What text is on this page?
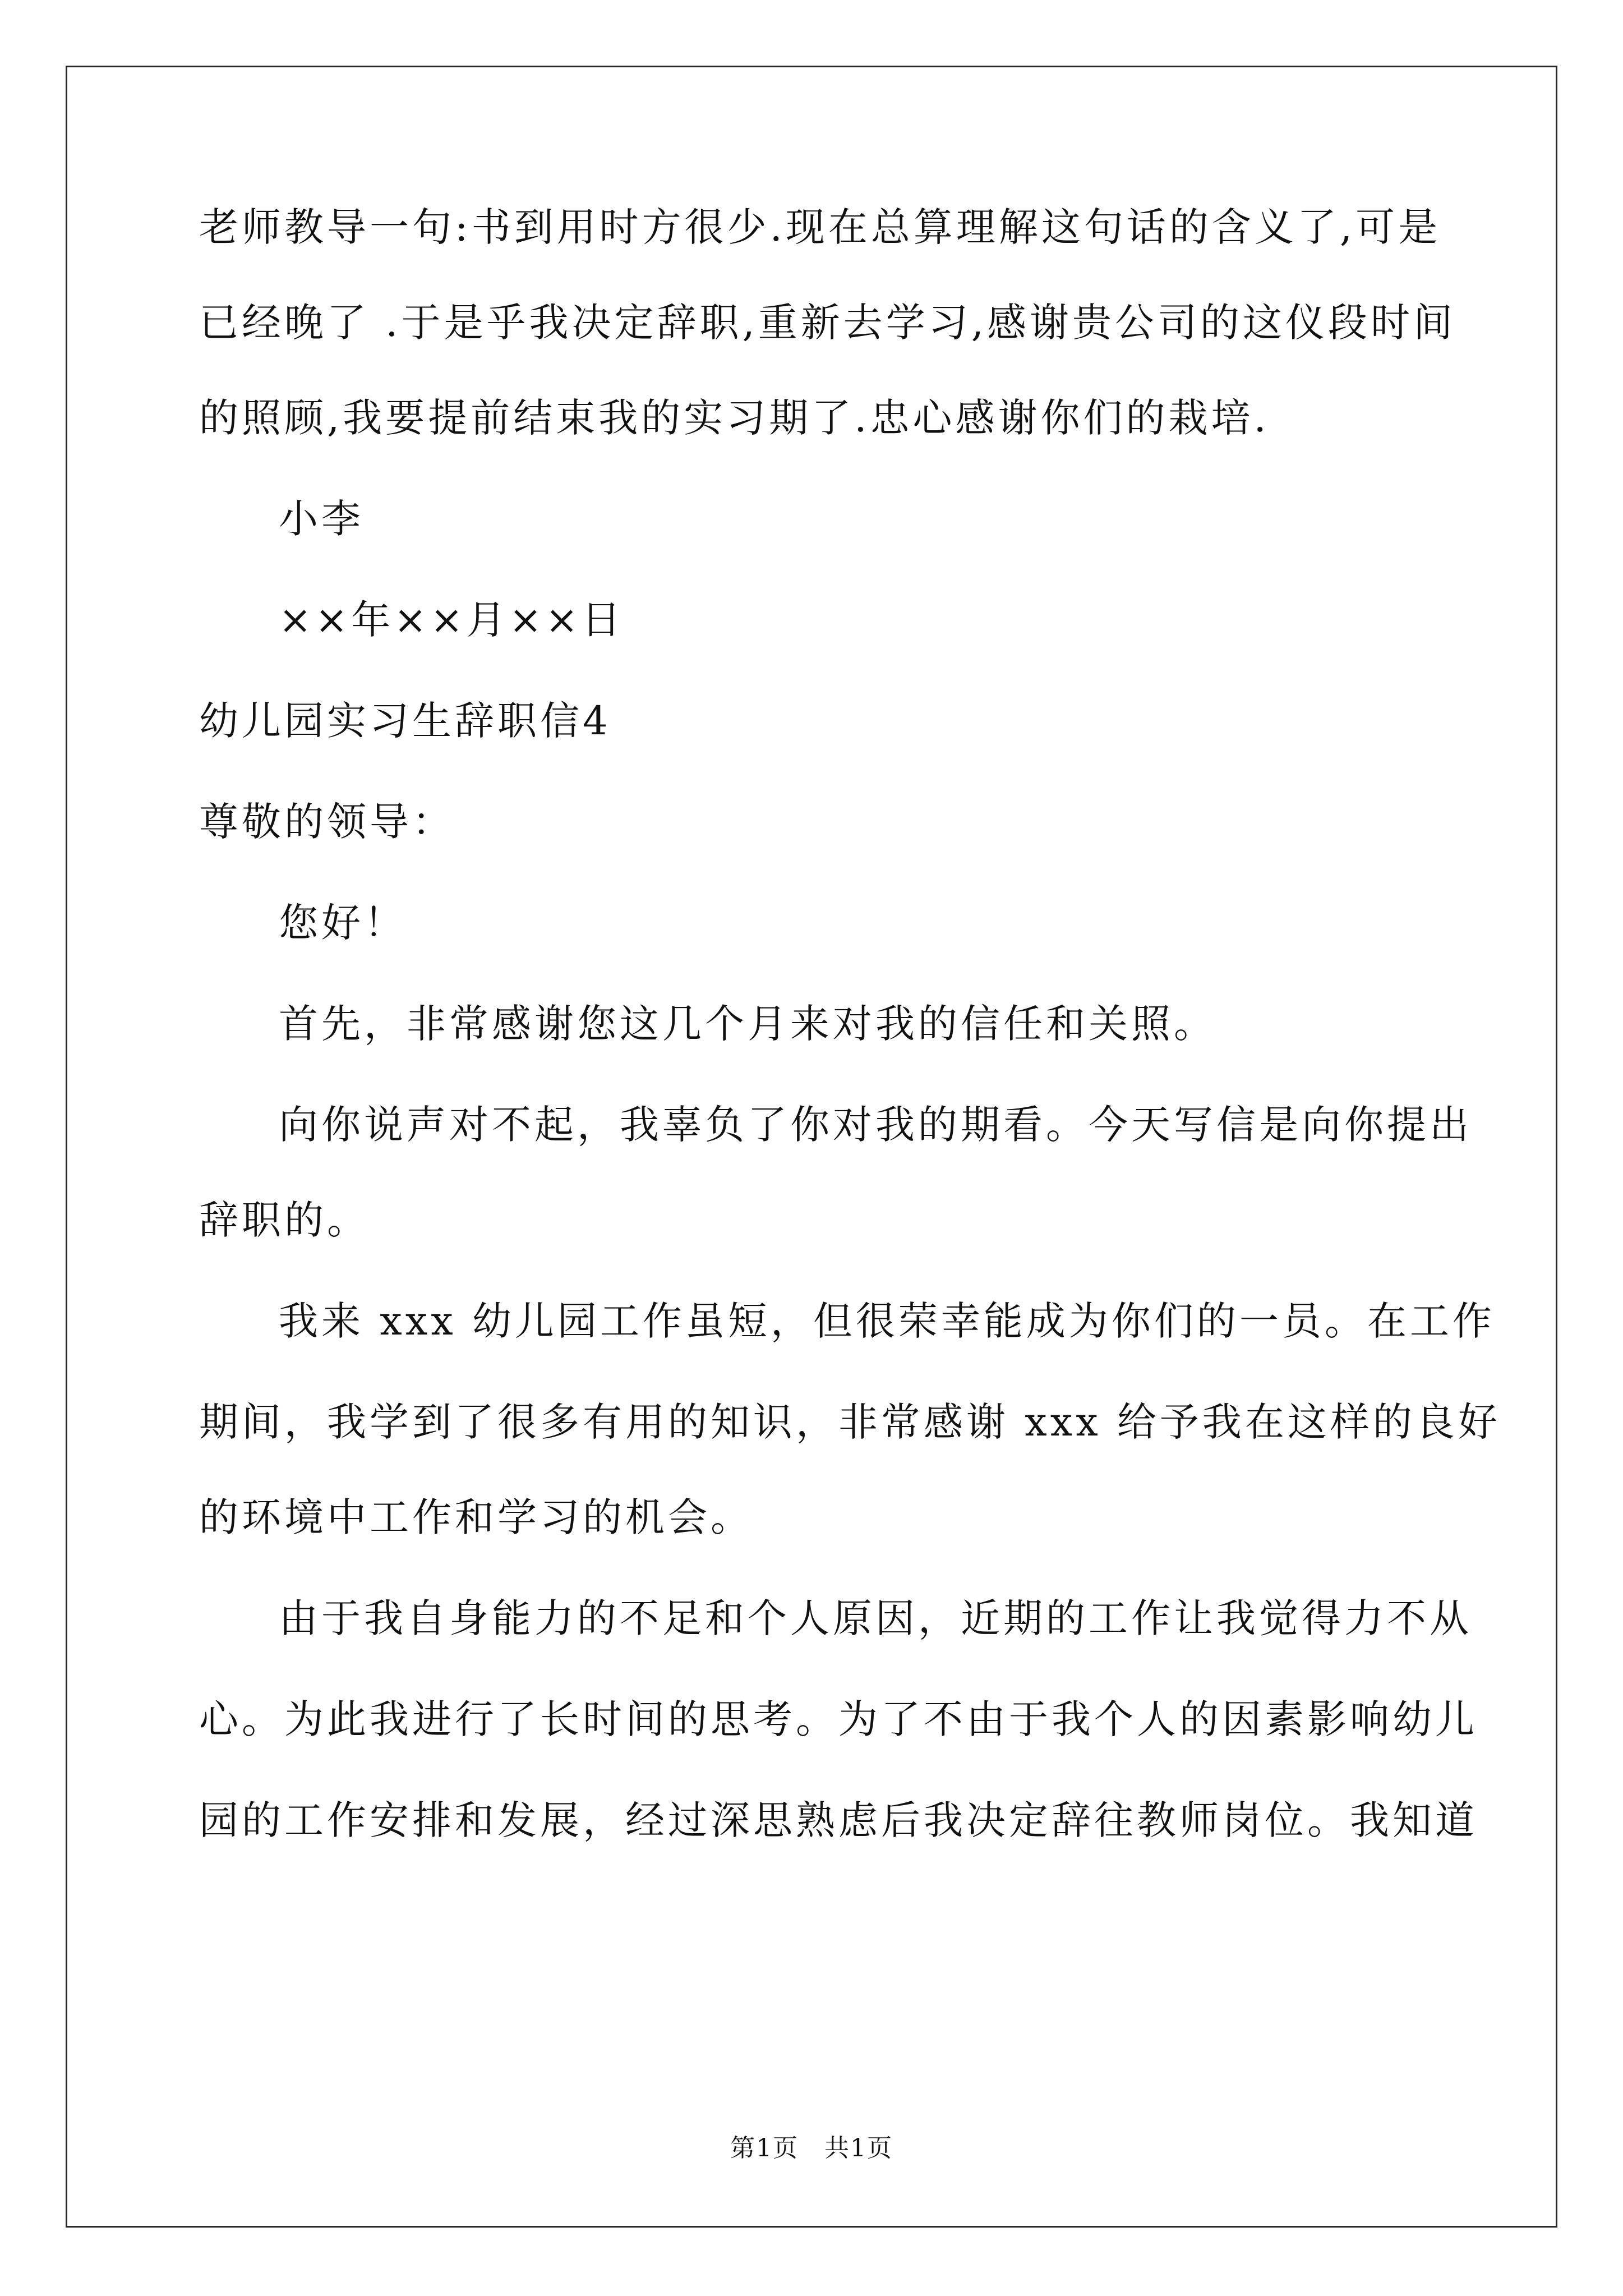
老师教导一句:书到用时方很少.现在总算理解这句话的含义了,可是

已经晚了 .于是乎我决定辞职,重新去学习,感谢贵公司的这仪段时间

的照顾,我要提前结束我的实习期了.忠心感谢你们的栽培.

小李

××年××月××日

幼儿园实习生辞职信4

尊敬的领导：

您好！

首先，非常感谢您这几个月来对我的信任和关照。

向你说声对不起，我辜负了你对我的期看。今天写信是向你提出

辞职的。

我来 xxx 幼儿园工作虽短，但很荣幸能成为你们的一员。在工作

期间，我学到了很多有用的知识，非常感谢 xxx 给予我在这样的良好

的环境中工作和学习的机会。

由于我自身能力的不足和个人原因，近期的工作让我觉得力不从

心。为此我进行了长时间的思考。为了不由于我个人的因素影响幼儿

园的工作安排和发展，经过深思熟虑后我决定辞往教师岗位。我知道

第1页 共1页
